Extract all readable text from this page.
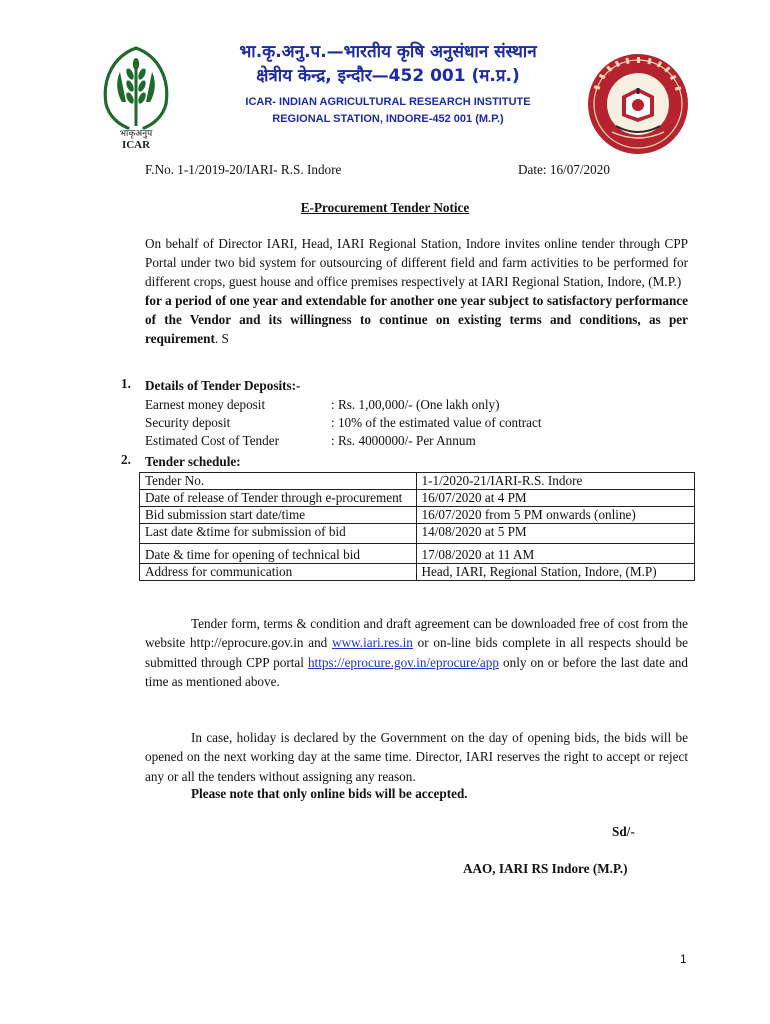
भाकृअनुप
ICAR
भा.कृ.अनु.प.—भारतीय कृषि अनुसंधान संस्थान
क्षेत्रीय केन्द्र, इन्दौर—452 001 (म.प्र.)
ICAR- INDIAN AGRICULTURAL RESEARCH INSTITUTE
REGIONAL STATION, INDORE-452 001 (M.P.)
F.No. 1-1/2019-20/IARI- R.S. Indore	Date: 16/07/2020
E-Procurement Tender Notice
On behalf of Director IARI, Head, IARI Regional Station, Indore invites online tender through CPP Portal under two bid system for outsourcing of different field and farm activities to be performed for different crops, guest house and office premises respectively at IARI Regional Station, Indore, (M.P.)   for a period of one year and extendable for another one year subject to satisfactory performance of the Vendor and its willingness to continue on existing terms and conditions, as per requirement. S
1. Details of Tender Deposits:-
Earnest money deposit	: Rs. 1,00,000/- (One lakh only)
Security deposit	: 10% of the estimated value of contract
Estimated Cost of Tender	: Rs. 4000000/- Per Annum
2. Tender schedule:
Tender No.	1-1/2020-21/IARI-R.S. Indore
Date of release of Tender through e-procurement	16/07/2020 at 4 PM
Bid submission start date/time	16/07/2020 from 5 PM onwards (online)
Last date &time for submission of bid	14/08/2020 at 5 PM
Date & time for opening of technical bid	17/08/2020 at 11 AM
Address for communication	Head, IARI, Regional Station, Indore, (M.P)
Tender form, terms & condition and draft agreement can be downloaded free of cost from the website http://eprocure.gov.in and www.iari.res.in or on-line bids complete in all respects should be submitted through CPP portal https://eprocure.gov.in/eprocure/app only on or before the last date and time as mentioned above.
In case, holiday is declared by the Government on the day of opening bids, the bids will be opened on the next working day at the same time. Director, IARI reserves the right to accept or reject any or all the tenders without assigning any reason.
Please note that only online bids will be accepted.
Sd/-
AAO, IARI RS Indore (M.P.)
1
